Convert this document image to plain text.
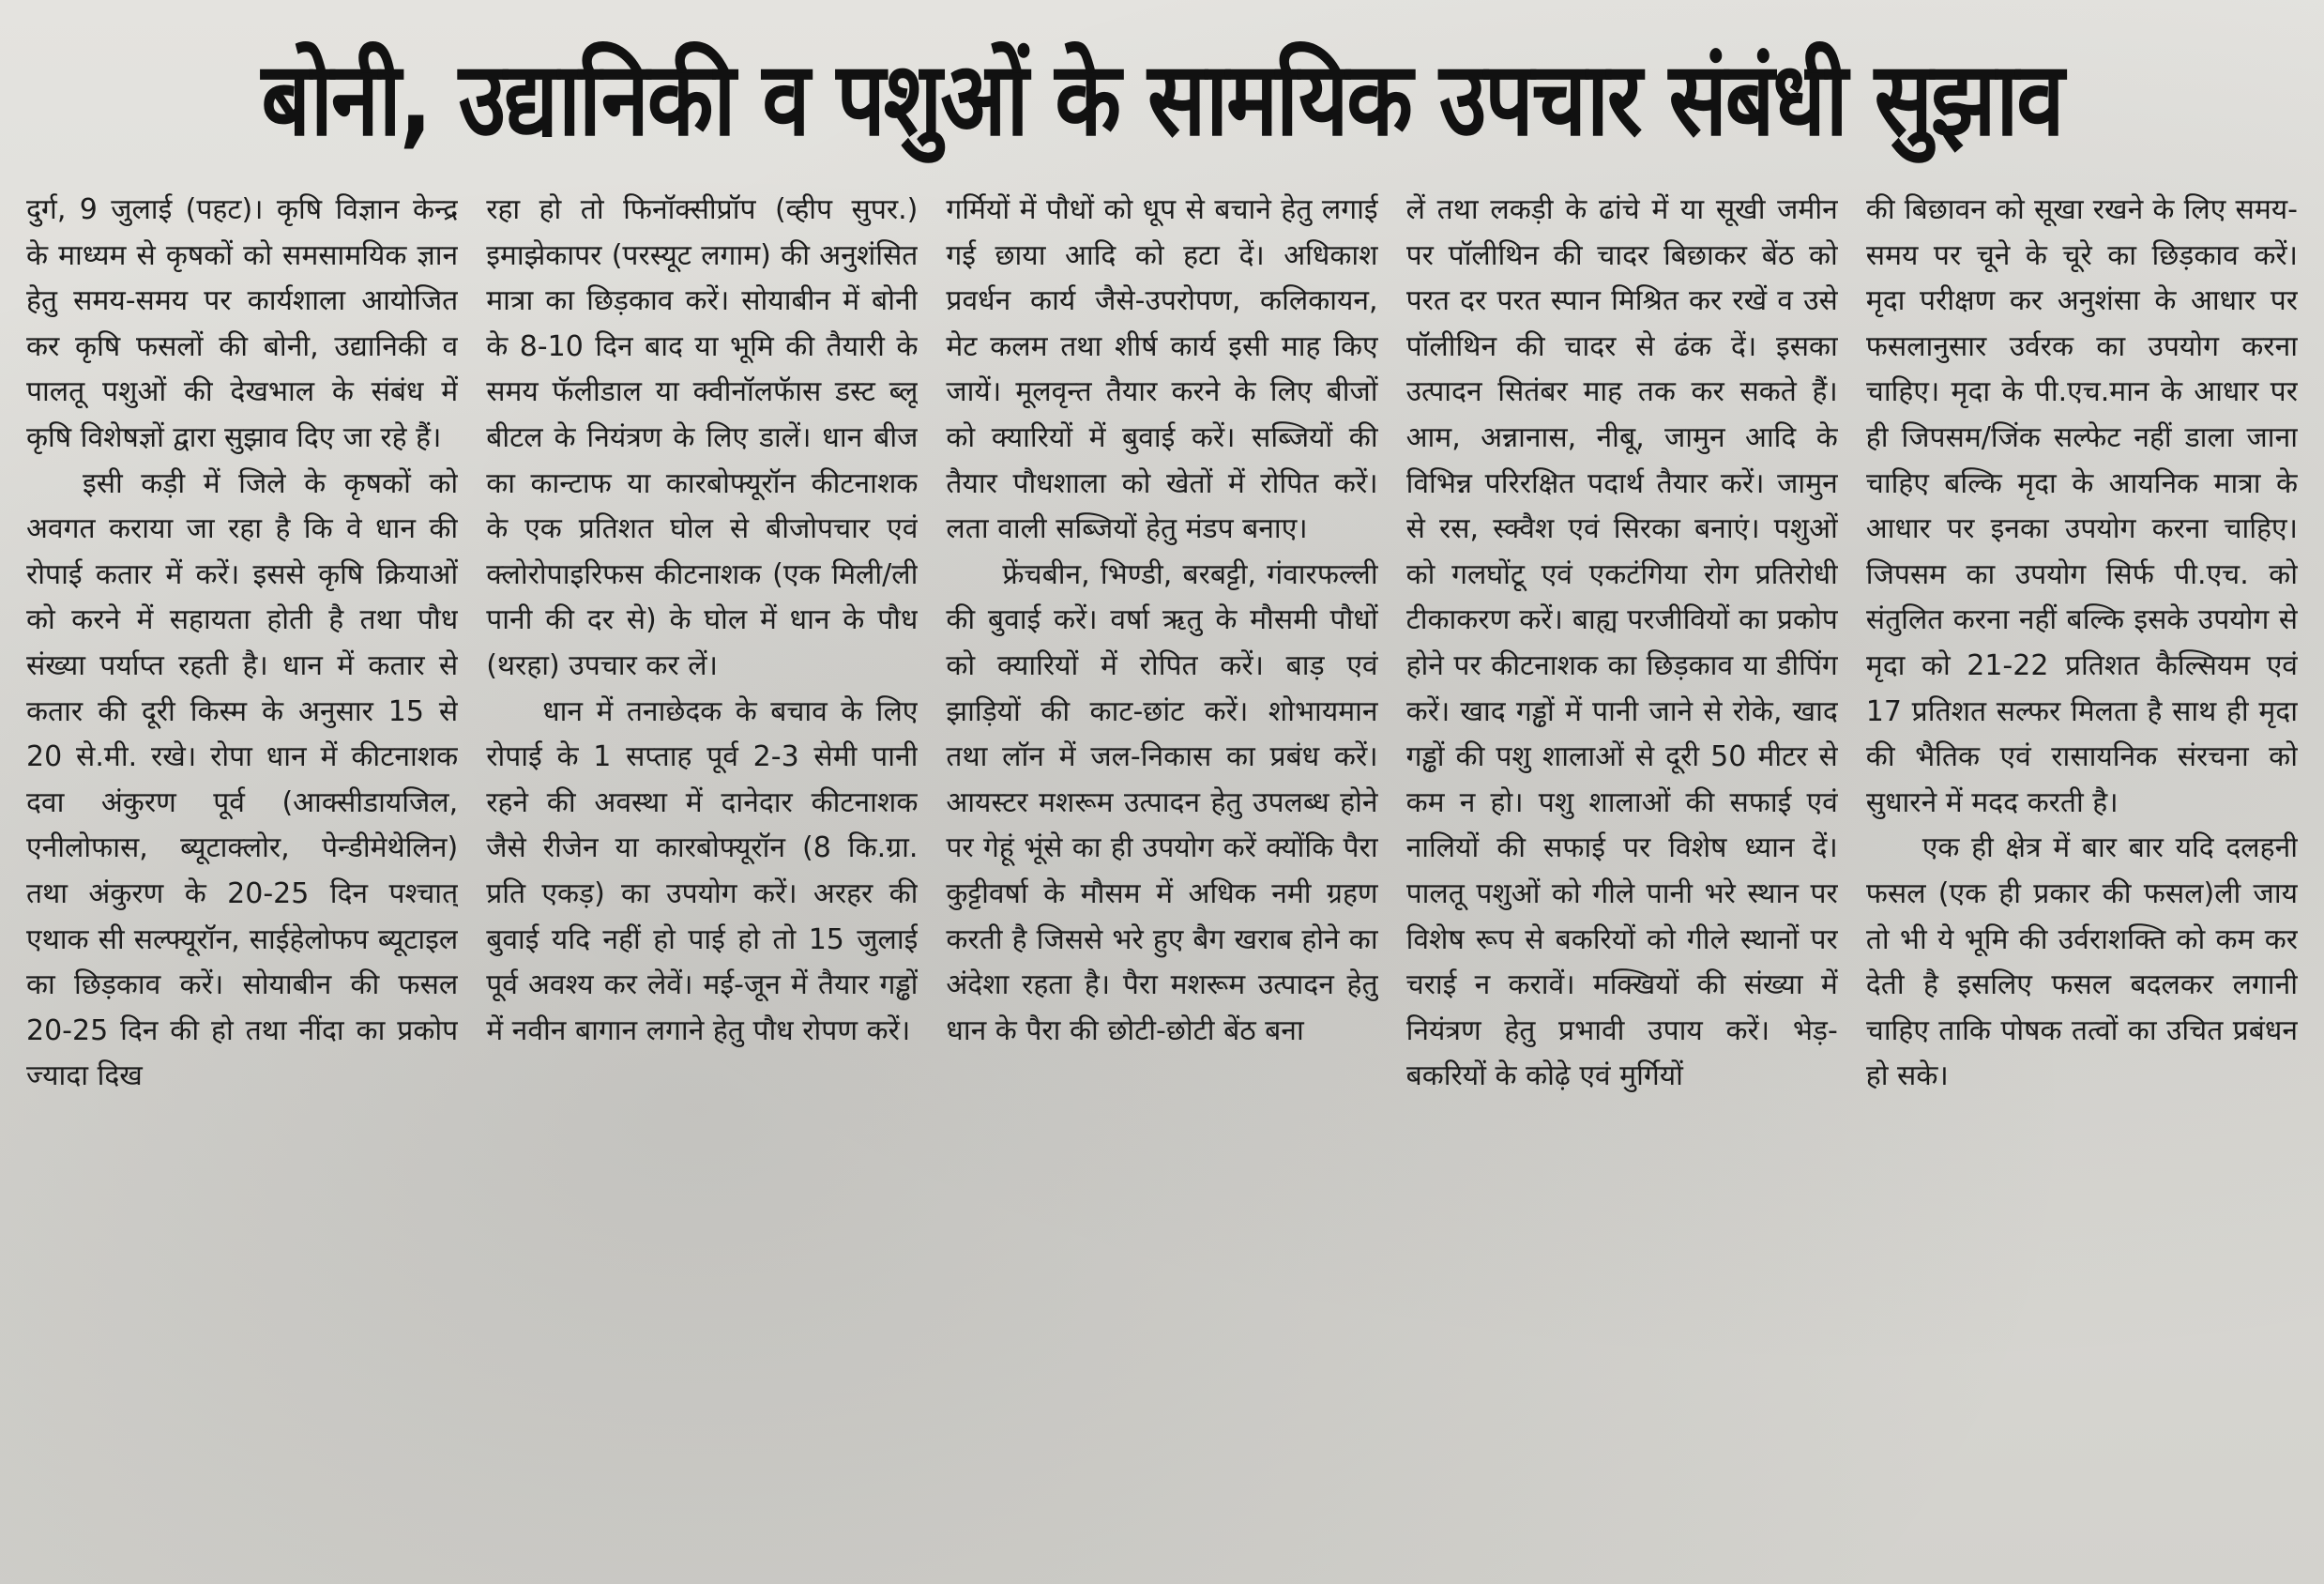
बोनी, उद्यानिकी व पशुओं के सामयिक उपचार संबंधी सुझाव

दुर्ग, 9 जुलाई (पहट)। कृषि विज्ञान केन्द्र के माध्यम से कृषकों को समसामयिक ज्ञान हेतु समय-समय पर कार्यशाला आयोजित कर कृषि फसलों की बोनी, उद्यानिकी व पालतू पशुओं की देखभाल के संबंध में कृषि विशेषज्ञों द्वारा सुझाव दिए जा रहे हैं।

इसी कड़ी में जिले के कृषकों को अवगत कराया जा रहा है कि वे धान की रोपाई कतार में करें। इससे कृषि क्रियाओं को करने में सहायता होती है तथा पौध संख्या पर्याप्त रहती है। धान में कतार से कतार की दूरी किस्म के अनुसार 15 से 20 से.मी. रखे। रोपा धान में कीटनाशक दवा अंकुरण पूर्व (आक्सीडायजिल, एनीलोफास, ब्यूटाक्लोर, पेन्डीमेथेलिन) तथा अंकुरण के 20-25 दिन पश्चात् एथाक सी सल्फ्यूरॉन, साईहेलोफप ब्यूटाइल का छिड़काव करें। सोयाबीन की फसल 20-25 दिन की हो तथा नींदा का प्रकोप ज्यादा दिख

रहा हो तो फिनॉक्सीप्रॉप (व्हीप सुपर.) इमाझेकापर (परस्यूट लगाम) की अनुशंसित मात्रा का छिड़काव करें। सोयाबीन में बोनी के 8-10 दिन बाद या भूमि की तैयारी के समय फॅलीडाल या क्वीनॉलफॅास डस्ट ब्लू बीटल के नियंत्रण के लिए डालें। धान बीज का कान्टाफ या कारबोफ्यूरॉन कीटनाशक के एक प्रतिशत घोल से बीजोपचार एवं क्लोरोपाइरिफस कीटनाशक (एक मिली/ली पानी की दर से) के घोल में धान के पौध (थरहा) उपचार कर लें।

धान में तनाछेदक के बचाव के लिए रोपाई के 1 सप्ताह पूर्व 2-3 सेमी पानी रहने की अवस्था में दानेदार कीटनाशक जैसे रीजेन या कारबोफ्यूरॉन (8 कि.ग्रा. प्रति एकड़) का उपयोग करें। अरहर की बुवाई यदि नहीं हो पाई हो तो 15 जुलाई पूर्व अवश्य कर लेवें। मई-जून में तैयार गड्ढों में नवीन बागान लगाने हेतु पौध रोपण करें।

गर्मियों में पौधों को धूप से बचाने हेतु लगाई गई छाया आदि को हटा दें। अधिकाश प्रवर्धन कार्य जैसे-उपरोपण, कलिकायन, मेट कलम तथा शीर्ष कार्य इसी माह किए जायें। मूलवृन्त तैयार करने के लिए बीजों को क्यारियों में बुवाई करें। सब्जियों की तैयार पौधशाला को खेतों में रोपित करें। लता वाली सब्जियों हेतु मंडप बनाए।

फ्रेंचबीन, भिण्डी, बरबट्टी, गंवारफल्ली की बुवाई करें। वर्षा ऋतु के मौसमी पौधों को क्यारियों में रोपित करें। बाड़ एवं झाड़ियों की काट-छांट करें। शोभायमान तथा लॉन में जल-निकास का प्रबंध करें। आयस्टर मशरूम उत्पादन हेतु उपलब्ध होने पर गेहूं भूंसे का ही उपयोग करें क्योंकि पैरा कुट्टीवर्षा के मौसम में अधिक नमी ग्रहण करती है जिससे भरे हुए बैग खराब होने का अंदेशा रहता है। पैरा मशरूम उत्पादन हेतु धान के पैरा की छोटी-छोटी बेंठ बना

लें तथा लकड़ी के ढांचे में या सूखी जमीन पर पॉलीथिन की चादर बिछाकर बेंठ को परत दर परत स्पान मिश्रित कर रखें व उसे पॉलीथिन की चादर से ढंक दें। इसका उत्पादन सितंबर माह तक कर सकते हैं। आम, अन्नानास, नीबू, जामुन आदि के विभिन्न परिरक्षित पदार्थ तैयार करें। जामुन से रस, स्क्वैश एवं सिरका बनाएं। पशुओं को गलघोंटू एवं एकटंगिया रोग प्रतिरोधी टीकाकरण करें। बाह्य परजीवियों का प्रकोप होने पर कीटनाशक का छिड़काव या डीपिंग करें। खाद गड्ढों में पानी जाने से रोके, खाद गड्ढों की पशु शालाओं से दूरी 50 मीटर से कम न हो। पशु शालाओं की सफाई एवं नालियों की सफाई पर विशेष ध्यान दें। पालतू पशुओं को गीले पानी भरे स्थान पर विशेष रूप से बकरियों को गीले स्थानों पर चराई न करावें। मक्खियों की संख्या में नियंत्रण हेतु प्रभावी उपाय करें। भेड़-बकरियों के कोढ़े एवं मुर्गियों

की बिछावन को सूखा रखने के लिए समय-समय पर चूने के चूरे का छिड़काव करें। मृदा परीक्षण कर अनुशंसा के आधार पर फसलानुसार उर्वरक का उपयोग करना चाहिए। मृदा के पी.एच.मान के आधार पर ही जिपसम/जिंक सल्फेट नहीं डाला जाना चाहिए बल्कि मृदा के आयनिक मात्रा के आधार पर इनका उपयोग करना चाहिए। जिपसम का उपयोग सिर्फ पी.एच. को संतुलित करना नहीं बल्कि इसके उपयोग से मृदा को 21-22 प्रतिशत कैल्सियम एवं 17 प्रतिशत सल्फर मिलता है साथ ही मृदा की भैतिक एवं रासायनिक संरचना को सुधारने में मदद करती है।

एक ही क्षेत्र में बार बार यदि दलहनी फसल (एक ही प्रकार की फसल)ली जाय तो भी ये भूमि की उर्वराशक्ति को कम कर देती है इसलिए फसल बदलकर लगानी चाहिए ताकि पोषक तत्वों का उचित प्रबंधन हो सके।
